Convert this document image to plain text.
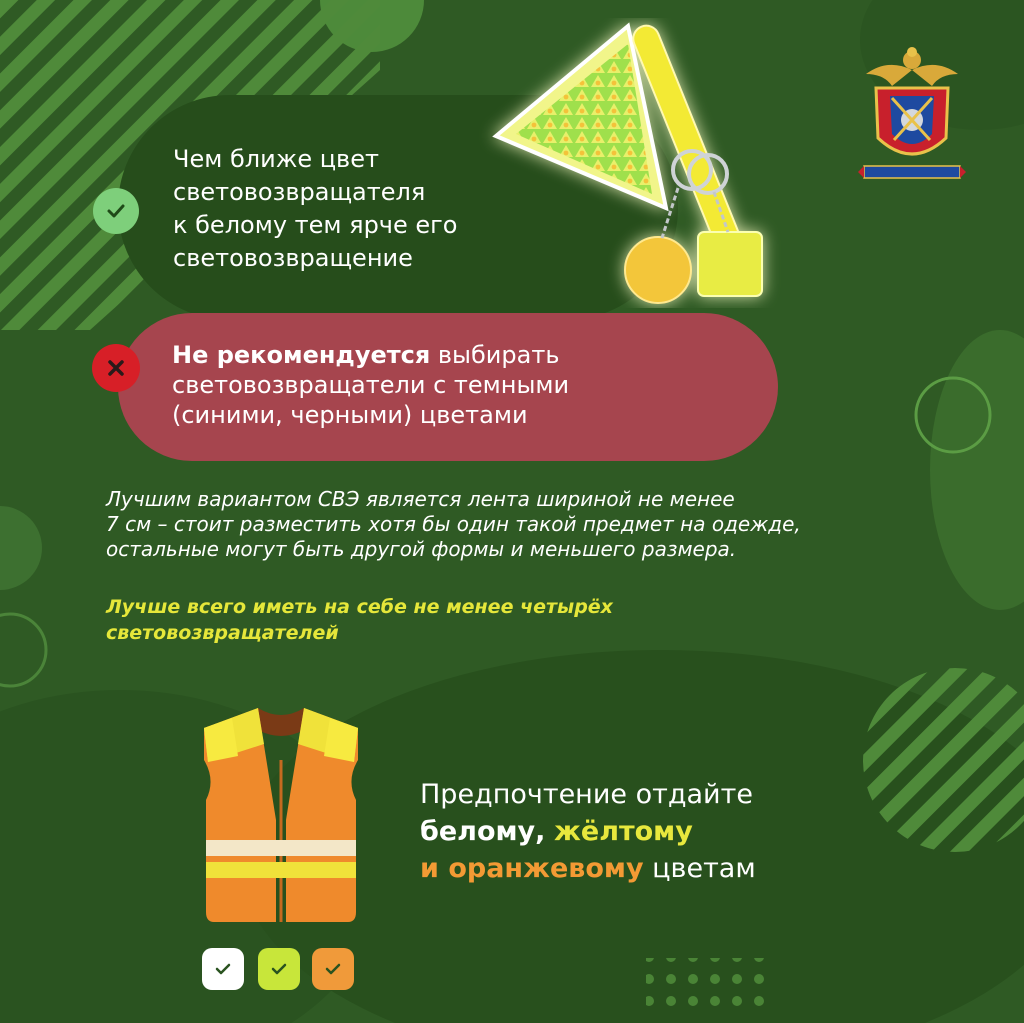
Чем ближе цвет
световозвращателя
к белому тем ярче его
световозвращение
Не рекомендуется выбирать
световозвращатели с темными
(синими, черными) цветами
Лучшим вариантом СВЭ является лента шириной не менее
7 см – стоит разместить хотя бы один такой предмет на одежде,
остальные могут быть другой формы и меньшего размера.
Лучше всего иметь на себе не менее четырёх
световозвращателей
Предпочтение отдайте
белому, жёлтому
и оранжевому цветам
